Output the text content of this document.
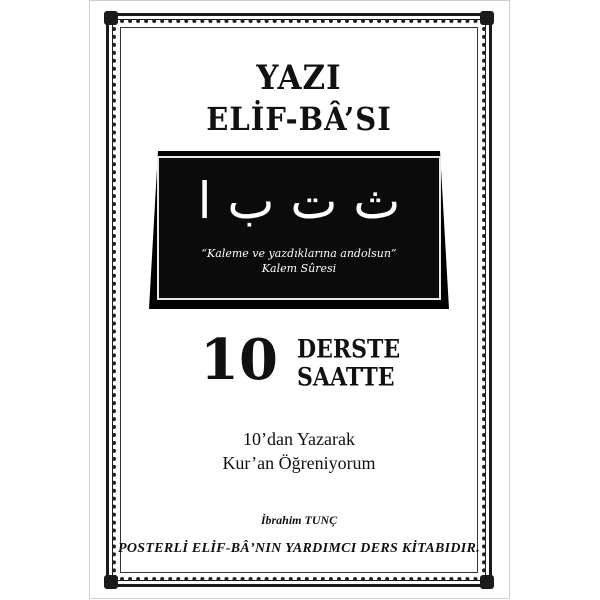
YAZI
ELİF-BÂ’SI
ث ت ب ا
“Kaleme ve yazdıklarına andolsun”
Kalem Sûresi
10 DERSTE
SAATTE
10’dan Yazarak
Kur’an Öğreniyorum
İbrahim TUNÇ
POSTERLİ ELİF-BÂ’NIN YARDIMCI DERS KİTABIDIR.
